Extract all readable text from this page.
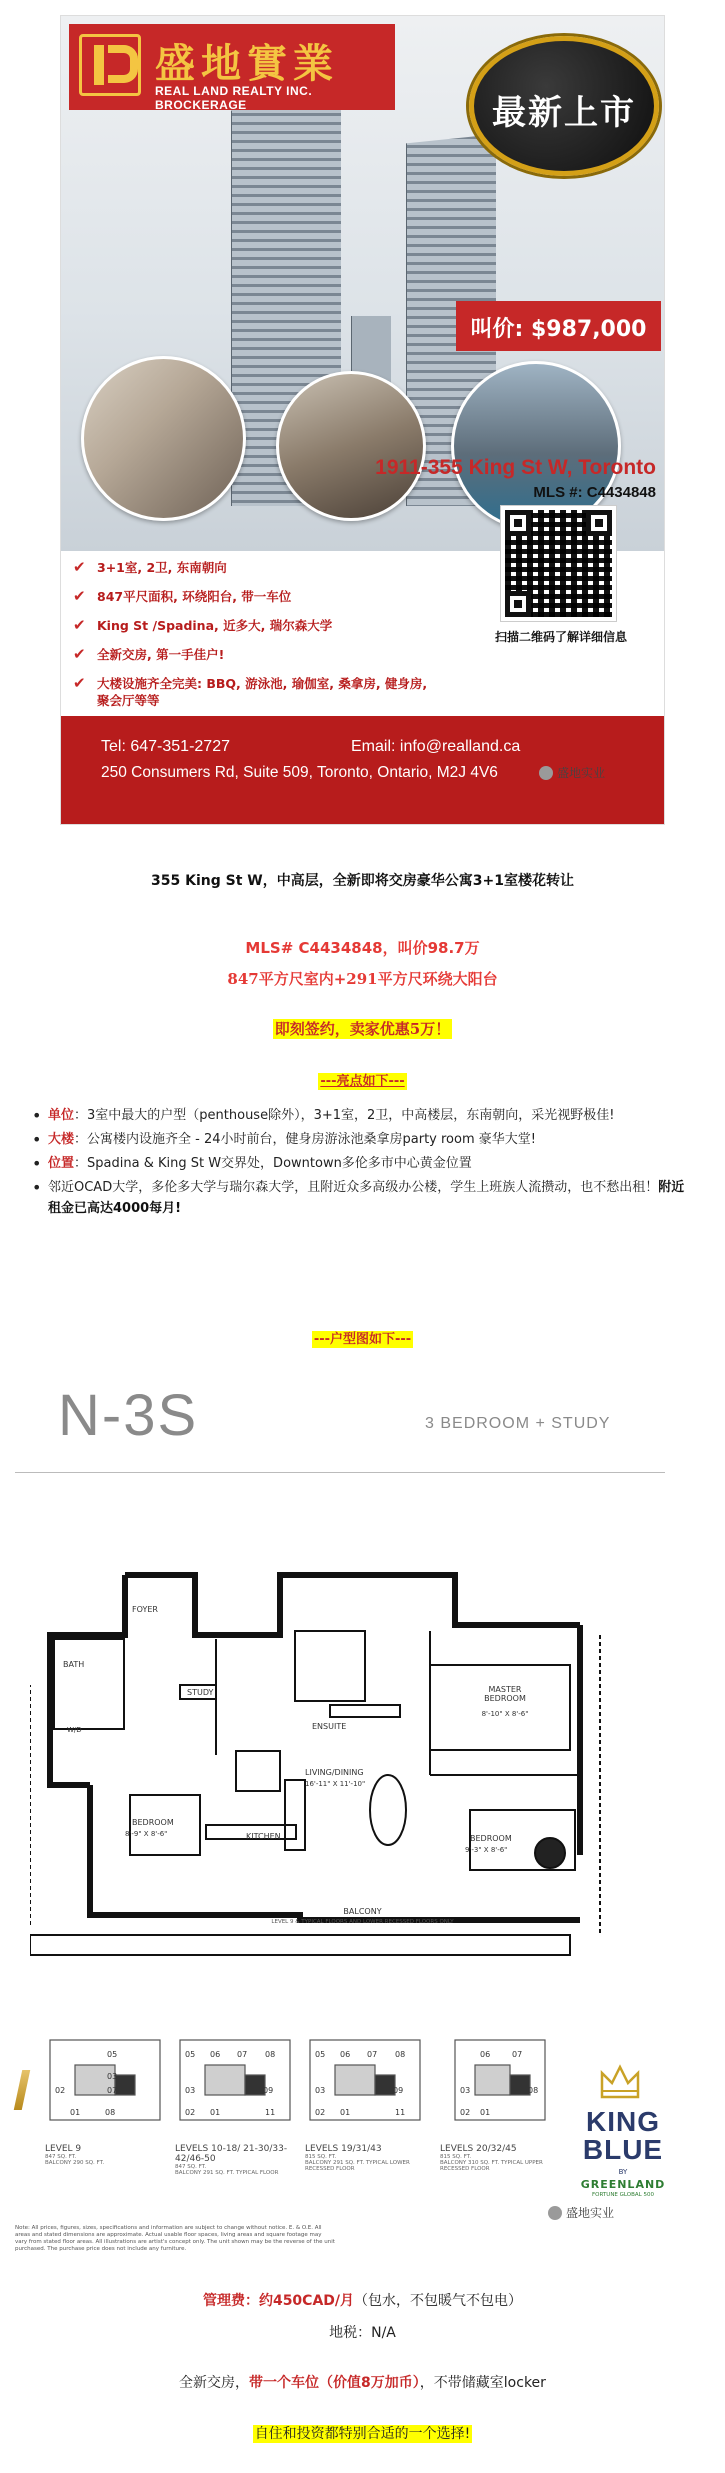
盛地實業
REAL LAND REALTY INC. BROCKERAGE	最新上市
叫价: $987,000
1911-355 King St W, Toronto
MLS #: C4434848
✔ 3+1室, 2卫, 东南朝向
✔ 847平尺面积, 环绕阳台, 带一车位
✔ King St /Spadina, 近多大, 瑞尔森大学
✔ 全新交房, 第一手佳户!
✔ 大楼设施齐全完美: BBQ, 游泳池, 瑜伽室, 桑拿房, 健身房, 聚会厅等等
扫描二维码了解详细信息
Tel: 647-351-2727	Email: info@realland.ca
250 Consumers Rd, Suite 509, Toronto, Ontario, M2J 4V6	盛地实业
355 King St W，中高层，全新即将交房豪华公寓3+1室楼花转让
MLS# C4434848，叫价98.7万
847平方尺室内+291平方尺环绕大阳台
即刻签约，卖家优惠5万！
---亮点如下---
• 单位：3室中最大的户型（penthouse除外），3+1室，2卫，中高楼层，东南朝向，采光视野极佳!
• 大楼：公寓楼内设施齐全 - 24小时前台，健身房游泳池桑拿房party room 豪华大堂!
• 位置：Spadina & King St W交界处，Downtown多伦多市中心黄金位置
• 邻近OCAD大学，多伦多大学与瑞尔森大学，且附近众多高级办公楼，学生上班族人流攒动，也不愁出租！附近租金已高达4000每月!
---户型图如下---
N-3S	3 BEDROOM + STUDY
FOYER
BATH
W/D
STUDY
ENSUITE
MASTER BEDROOM
8'-10" X 8'-6"
LIVING/DINING
16'-11" X 11'-10"
BEDROOM
8'-9" X 8'-6"	KITCHEN	BEDROOM
9'-3" X 8'-6"
BALCONY
LEVEL 9 & TYPICAL FLOORS AND LOWER RECESSED FLOORS ONLY
05
03
07
08
02
01
LEVEL 9
847 SQ. FT.
BALCONY 290 SQ. FT.
05 06 07 08
03	09
02 01	11
LEVELS 10-18/ 21-30/33-42/46-50
847 SQ. FT.
BALCONY 291 SQ. FT. TYPICAL FLOOR
05 06 07 08
03	09
02 01	11
LEVELS 19/31/43
815 SQ. FT.
BALCONY 291 SQ. FT. TYPICAL LOWER RECESSED FLOOR
06	07
03	08
02 01
LEVELS 20/32/45
815 SQ. FT.
BALCONY 310 SQ. FT. TYPICAL UPPER RECESSED FLOOR
KING
BLUE
BY
GREENLAND
FORTUNE GLOBAL 500
盛地实业
Note: All prices, figures, sizes, specifications and information are subject to change without notice. E. & O.E. All areas and stated dimensions are approximate. Actual usable floor spaces, living areas and square footage may vary from stated floor areas. All illustrations are artist's concept only. The unit shown may be the reverse of the unit purchased. The purchase price does not include any furniture.
管理费：约450CAD/月（包水，不包暖气不包电）
地税：N/A
全新交房，带一个车位（价值8万加币），不带储藏室locker
自住和投资都特别合适的一个选择!
